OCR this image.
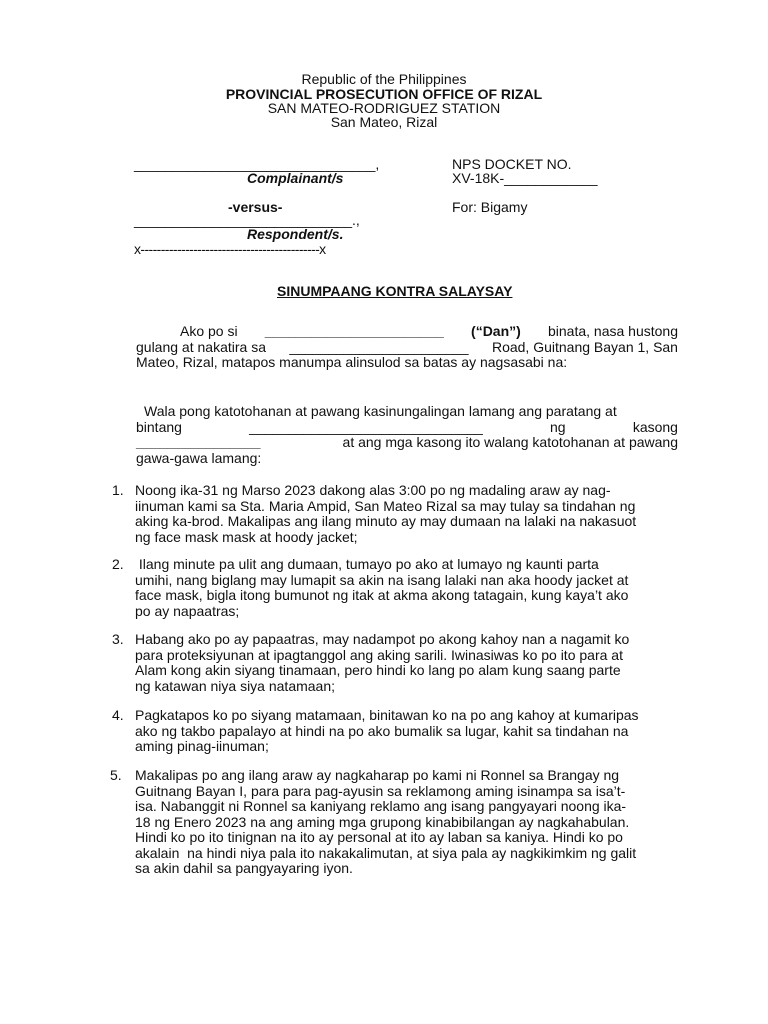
Republic of the Philippines
PROVINCIAL PROSECUTION OFFICE OF RIZAL
SAN MATEO-RODRIGUEZ STATION
San Mateo, Rizal
_______________________________,
Complainant/s
-versus-
____________________________.,
Respondent/s.
x--------------------------------------------x
NPS DOCKET NO.
XV-18K-____________
For: Bigamy
SINUMPAANG KONTRA SALAYSAY
Ako po si _______________________ (“Dan”) binata, nasa hustong
gulang at nakatira sa _______________________ Road, Guitnang Bayan 1, San
Mateo, Rizal, matapos manumpa alinsulod sa batas ay nagsasabi na:
Wala pong katotohanan at pawang kasinungalingan lamang ang paratang at
bintang	______________________________	ng	kasong
________________	at ang mga kasong ito walang katotohanan at pawang
gawa-gawa lamang:
1. Noong ika-31 ng Marso 2023 dakong alas 3:00 po ng madaling araw ay nag-
iinuman kami sa Sta. Maria Ampid, San Mateo Rizal sa may tulay sa tindahan ng
aking ka-brod. Makalipas ang ilang minuto ay may dumaan na lalaki na nakasuot
ng face mask mask at hoody jacket;
2. Ilang minute pa ulit ang dumaan, tumayo po ako at lumayo ng kaunti parta
umihi, nang biglang may lumapit sa akin na isang lalaki nan aka hoody jacket at
face mask, bigla itong bumunot ng itak at akma akong tatagain, kung kaya’t ako
po ay napaatras;
3. Habang ako po ay papaatras, may nadampot po akong kahoy nan a nagamit ko
para proteksiyunan at ipagtanggol ang aking sarili. Iwinasiwas ko po ito para at
Alam kong akin siyang tinamaan, pero hindi ko lang po alam kung saang parte
ng katawan niya siya natamaan;
4. Pagkatapos ko po siyang matamaan, binitawan ko na po ang kahoy at kumaripas
ako ng takbo papalayo at hindi na po ako bumalik sa lugar, kahit sa tindahan na
aming pinag-iinuman;
5. Makalipas po ang ilang araw ay nagkaharap po kami ni Ronnel sa Brangay ng
Guitnang Bayan I, para para pag-ayusin sa reklamong aming isinampa sa isa’t-
isa. Nabanggit ni Ronnel sa kaniyang reklamo ang isang pangyayari noong ika-
18 ng Enero 2023 na ang aming mga grupong kinabibilangan ay nagkahabulan.
Hindi ko po ito tinignan na ito ay personal at ito ay laban sa kaniya. Hindi ko po
akalain  na hindi niya pala ito nakakalimutan, at siya pala ay nagkikimkim ng galit
sa akin dahil sa pangyayaring iyon.
